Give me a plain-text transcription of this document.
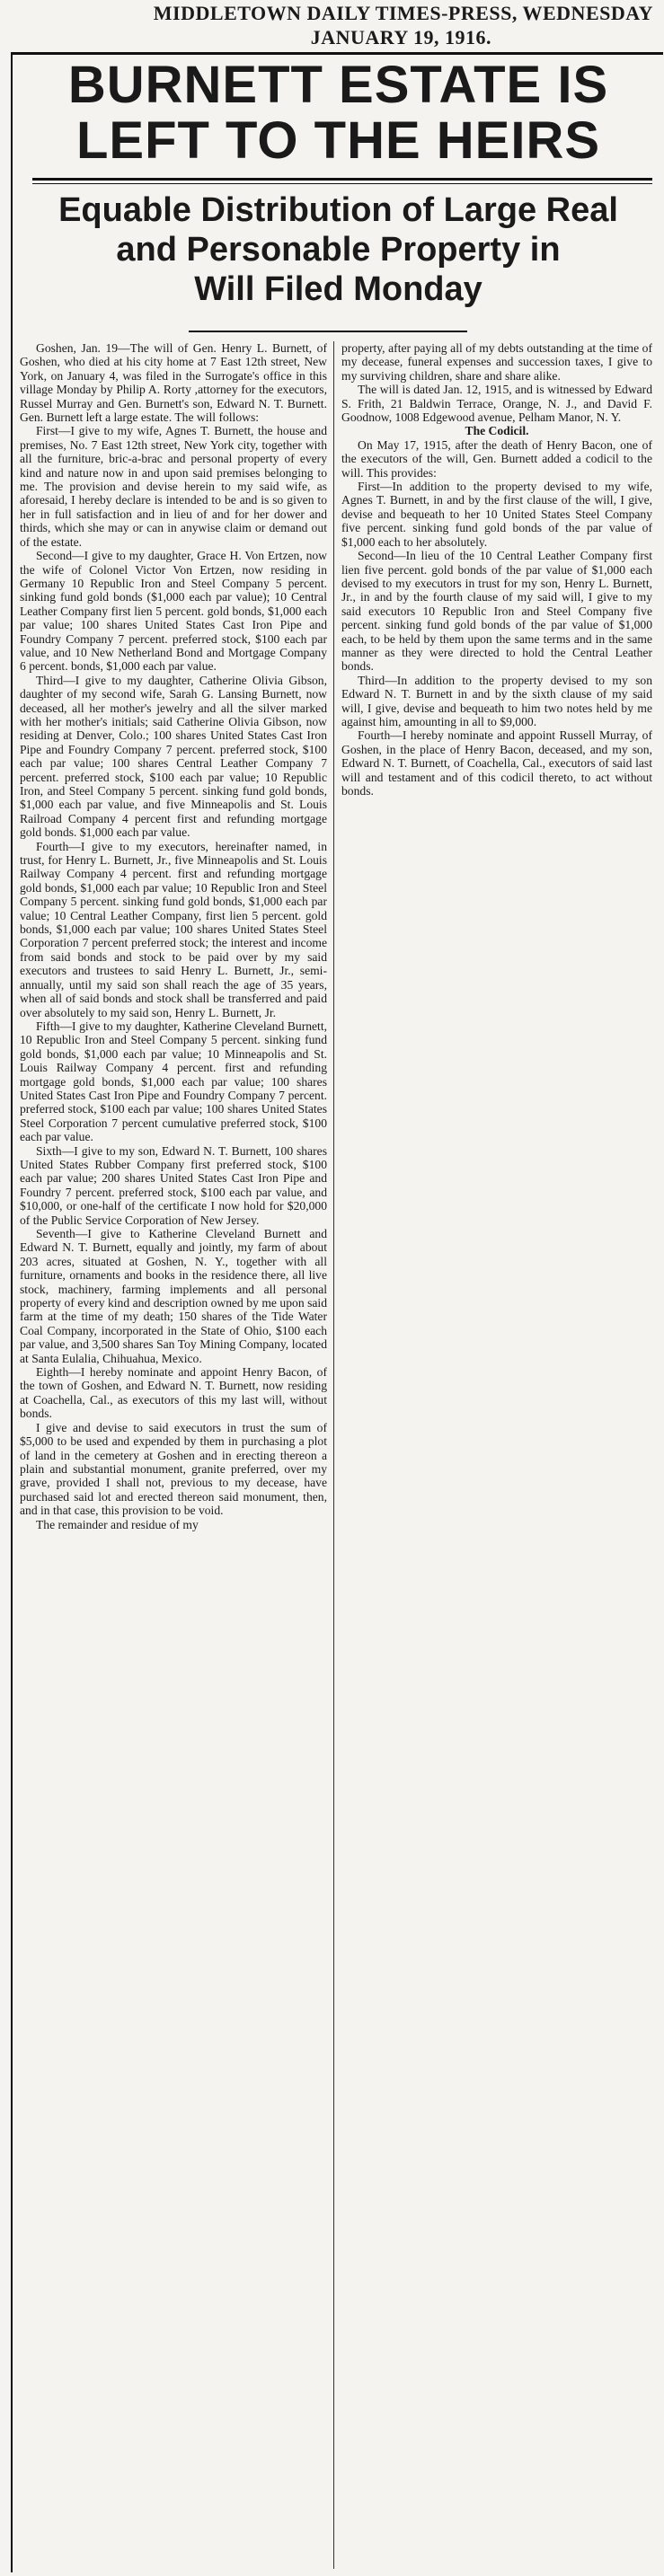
MIDDLETOWN DAILY TIMES-PRESS, WEDNESDAY
JANUARY 19, 1916.
BURNETT ESTATE IS
LEFT TO THE HEIRS
Equable Distribution of Large Real
and Personable Property in
Will Filed Monday

Goshen, Jan. 19—The will of Gen. Henry L. Burnett, of Goshen, who died at his city home at 7 East 12th street, New York, on January 4, was filed in the Surrogate's office in this village Monday by Philip A. Rorty ,attorney for the executors, Russel Murray and Gen. Burnett's son, Edward N. T. Burnett. Gen. Burnett left a large estate. The will follows:

First—I give to my wife, Agnes T. Burnett, the house and premises, No. 7 East 12th street, New York city, together with all the furniture, bric-a-brac and personal property of every kind and nature now in and upon said premises belonging to me. The provision and devise herein to my said wife, as aforesaid, I hereby declare is intended to be and is so given to her in full satisfaction and in lieu of and for her dower and thirds, which she may or can in anywise claim or demand out of the estate.

Second—I give to my daughter, Grace H. Von Ertzen, now the wife of Colonel Victor Von Ertzen, now residing in Germany 10 Republic Iron and Steel Company 5 percent. sinking fund gold bonds ($1,000 each par value); 10 Central Leather Company first lien 5 percent. gold bonds, $1,000 each par value; 100 shares United States Cast Iron Pipe and Foundry Company 7 percent. preferred stock, $100 each par value, and 10 New Netherland Bond and Mortgage Company 6 percent. bonds, $1,000 each par value.

Third—I give to my daughter, Catherine Olivia Gibson, daughter of my second wife, Sarah G. Lansing Burnett, now deceased, all her mother's jewelry and all the silver marked with her mother's initials; said Catherine Olivia Gibson, now residing at Denver, Colo.; 100 shares United States Cast Iron Pipe and Foundry Company 7 percent. preferred stock, $100 each par value; 100 shares Central Leather Company 7 percent. preferred stock, $100 each par value; 10 Republic Iron, and Steel Company 5 percent. sinking fund gold bonds, $1,000 each par value, and five Minneapolis and St. Louis Railroad Company 4 percent first and refunding mortgage gold bonds. $1,000 each par value.

Fourth—I give to my executors, hereinafter named, in trust, for Henry L. Burnett, Jr., five Minneapolis and St. Louis Railway Company 4 percent. first and refunding mortgage gold bonds, $1,000 each par value; 10 Republic Iron and Steel Company 5 percent. sinking fund gold bonds, $1,000 each par value; 10 Central Leather Company, first lien 5 percent. gold bonds, $1,000 each par value; 100 shares United States Steel Corporation 7 percent preferred stock; the interest and income from said bonds and stock to be paid over by my said executors and trustees to said Henry L. Burnett, Jr., semi-annually, until my said son shall reach the age of 35 years, when all of said bonds and stock shall be transferred and paid over absolutely to my said son, Henry L. Burnett, Jr.

Fifth—I give to my daughter, Katherine Cleveland Burnett, 10 Republic Iron and Steel Company 5 percent. sinking fund gold bonds, $1,000 each par value; 10 Minneapolis and St. Louis Railway Company 4 percent. first and refunding mortgage gold bonds, $1,000 each par value; 100 shares United States Cast Iron Pipe and Foundry Company 7 percent. preferred stock, $100 each par value; 100 shares United States Steel Corporation 7 percent cumulative preferred stock, $100 each par value.

Sixth—I give to my son, Edward N. T. Burnett, 100 shares United States Rubber Company first preferred stock, $100 each par value; 200 shares United States Cast Iron Pipe and Foundry 7 percent. preferred stock, $100 each par value, and $10,000, or one-half of the certificate I now hold for $20,000 of the Public Service Corporation of New Jersey.

Seventh—I give to Katherine Cleveland Burnett and Edward N. T. Burnett, equally and jointly, my farm of about 203 acres, situated at Goshen, N. Y., together with all furniture, ornaments and books in the residence there, all live stock, machinery, farming implements and all personal property of every kind and description owned by me upon said farm at the time of my death; 150 shares of the Tide Water Coal Company, incorporated in the State of Ohio, $100 each par value, and 3,500 shares San Toy Mining Company, located at Santa Eulalia, Chihuahua, Mexico.

Eighth—I hereby nominate and appoint Henry Bacon, of the town of Goshen, and Edward N. T. Burnett, now residing at Coachella, Cal., as executors of this my last will, without bonds.

I give and devise to said executors in trust the sum of $5,000 to be used and expended by them in purchasing a plot of land in the cemetery at Goshen and in erecting thereon a plain and substantial monument, granite preferred, over my grave, provided I shall not, previous to my decease, have purchased said lot and erected thereon said monument, then, and in that case, this provision to be void.

The remainder and residue of my

property, after paying all of my debts outstanding at the time of my decease, funeral expenses and succession taxes, I give to my surviving children, share and share alike.

The will is dated Jan. 12, 1915, and is witnessed by Edward S. Frith, 21 Baldwin Terrace, Orange, N. J., and David F. Goodnow, 1008 Edgewood avenue, Pelham Manor, N. Y.

The Codicil.

On May 17, 1915, after the death of Henry Bacon, one of the executors of the will, Gen. Burnett added a codicil to the will. This provides:

First—In addition to the property devised to my wife, Agnes T. Burnett, in and by the first clause of the will, I give, devise and bequeath to her 10 United States Steel Company five percent. sinking fund gold bonds of the par value of $1,000 each to her absolutely.

Second—In lieu of the 10 Central Leather Company first lien five percent. gold bonds of the par value of $1,000 each devised to my executors in trust for my son, Henry L. Burnett, Jr., in and by the fourth clause of my said will, I give to my said executors 10 Republic Iron and Steel Company five percent. sinking fund gold bonds of the par value of $1,000 each, to be held by them upon the same terms and in the same manner as they were directed to hold the Central Leather bonds.

Third—In addition to the property devised to my son Edward N. T. Burnett in and by the sixth clause of my said will, I give, devise and bequeath to him two notes held by me against him, amounting in all to $9,000.

Fourth—I hereby nominate and appoint Russell Murray, of Goshen, in the place of Henry Bacon, deceased, and my son, Edward N. T. Burnett, of Coachella, Cal., executors of said last will and testament and of this codicil thereto, to act without bonds.
